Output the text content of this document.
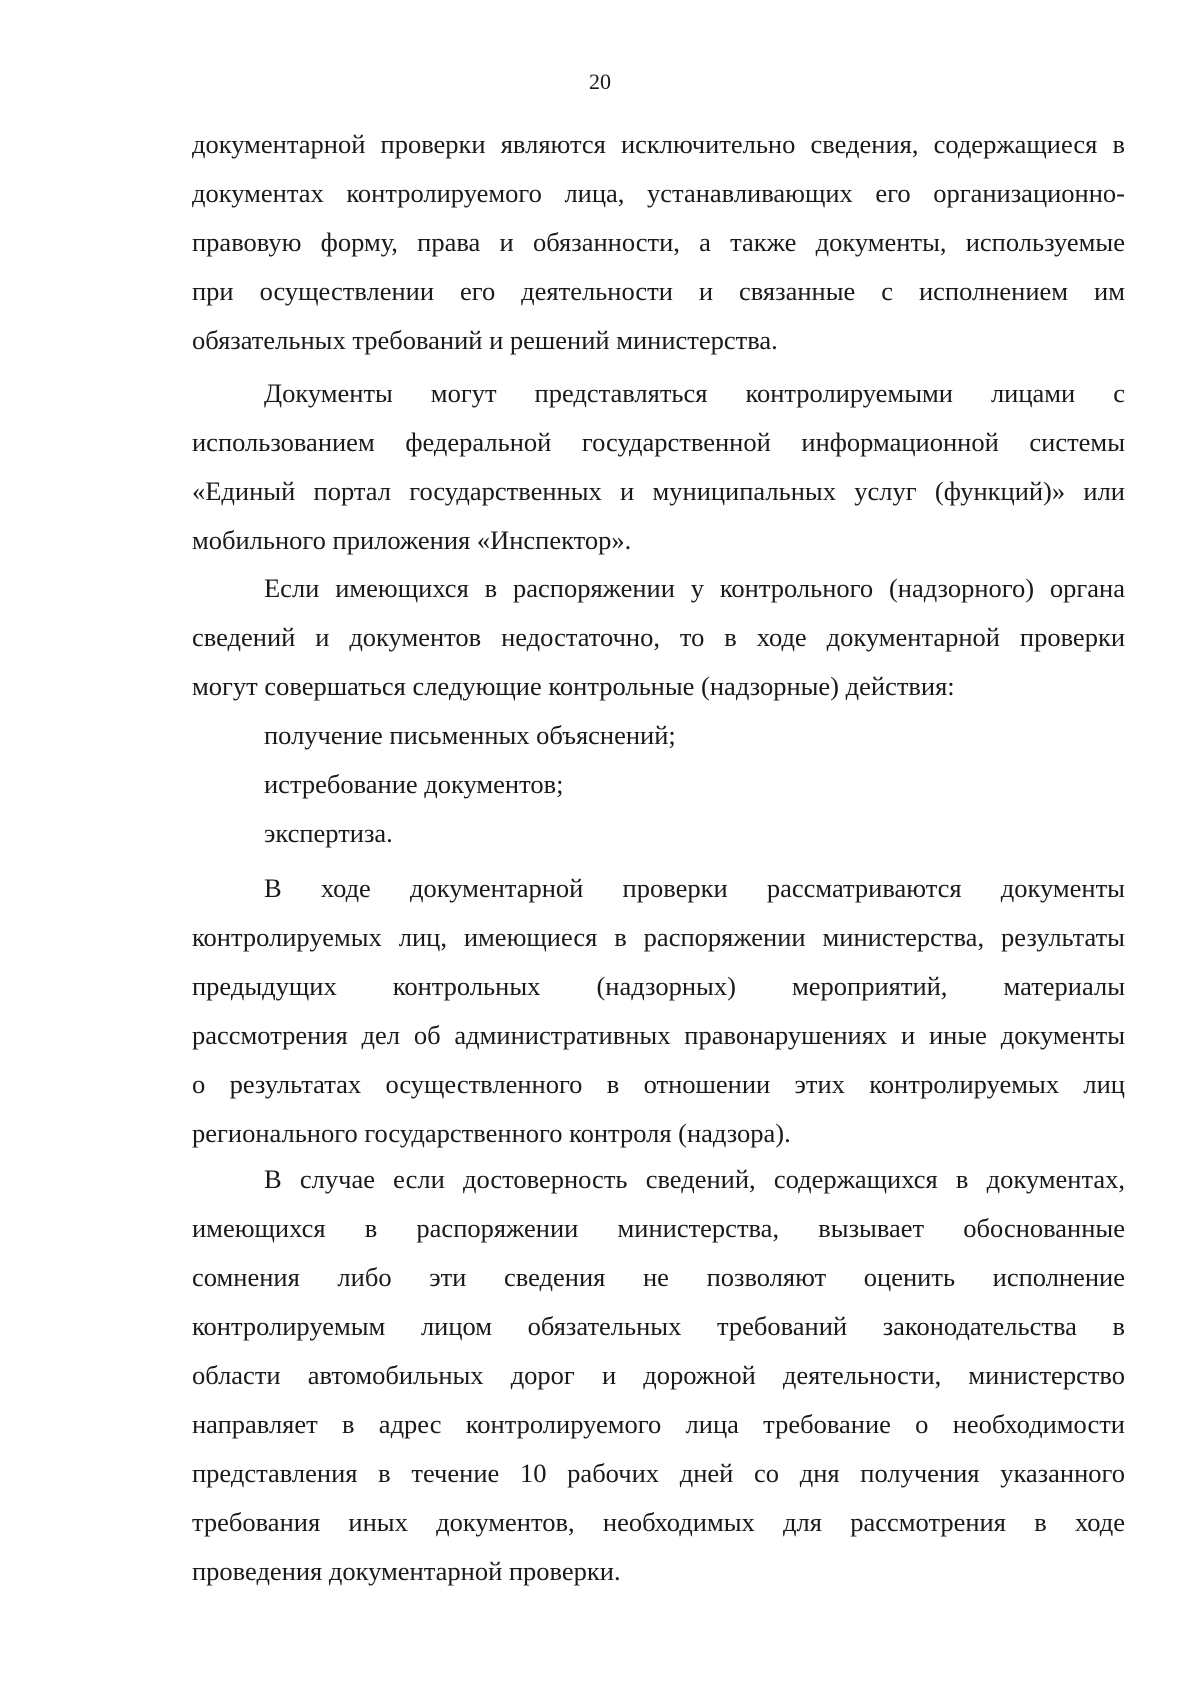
20
документарной проверки являются исключительно сведения, содержащиеся в
документах контролируемого лица, устанавливающих его организационно-
правовую форму, права и обязанности, а также документы, используемые
при осуществлении его деятельности и связанные с исполнением им
обязательных требований и решений министерства.
Документы могут представляться контролируемыми лицами с
использованием федеральной государственной информационной системы
«Единый портал государственных и муниципальных услуг (функций)» или
мобильного приложения «Инспектор».
Если имеющихся в распоряжении у контрольного (надзорного) органа
сведений и документов недостаточно, то в ходе документарной проверки
могут совершаться следующие контрольные (надзорные) действия:
получение письменных объяснений;
истребование документов;
экспертиза.
В ходе документарной проверки рассматриваются документы
контролируемых лиц, имеющиеся в распоряжении министерства, результаты
предыдущих контрольных (надзорных) мероприятий, материалы
рассмотрения дел об административных правонарушениях и иные документы
о результатах осуществленного в отношении этих контролируемых лиц
регионального государственного контроля (надзора).
В случае если достоверность сведений, содержащихся в документах,
имеющихся в распоряжении министерства, вызывает обоснованные
сомнения либо эти сведения не позволяют оценить исполнение
контролируемым лицом обязательных требований законодательства в
области автомобильных дорог и дорожной деятельности, министерство
направляет в адрес контролируемого лица требование о необходимости
представления в течение 10 рабочих дней со дня получения указанного
требования иных документов, необходимых для рассмотрения в ходе
проведения документарной проверки.
